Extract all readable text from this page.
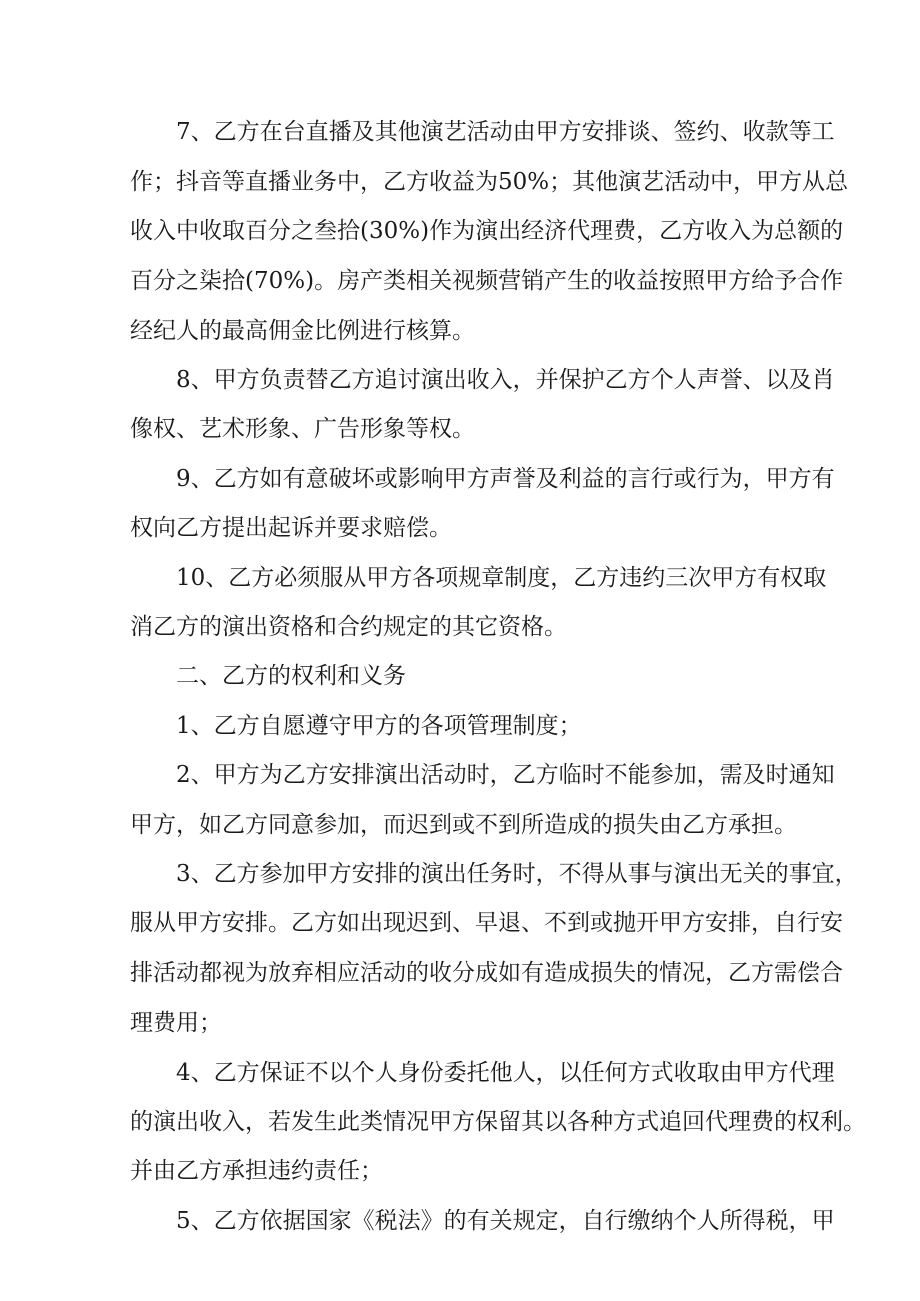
7、乙方在台直播及其他演艺活动由甲方安排谈、签约、收款等工
作；抖音等直播业务中，乙方收益为50%；其他演艺活动中，甲方从总
收入中收取百分之叁拾(30%)作为演出经济代理费，乙方收入为总额的
百分之柒拾(70%)。房产类相关视频营销产生的收益按照甲方给予合作
经纪人的最高佣金比例进行核算。
8、甲方负责替乙方追讨演出收入，并保护乙方个人声誉、以及肖
像权、艺术形象、广告形象等权。
9、乙方如有意破坏或影响甲方声誉及利益的言行或行为，甲方有
权向乙方提出起诉并要求赔偿。
10、乙方必须服从甲方各项规章制度，乙方违约三次甲方有权取
消乙方的演出资格和合约规定的其它资格。
二、乙方的权利和义务
1、乙方自愿遵守甲方的各项管理制度；
2、甲方为乙方安排演出活动时，乙方临时不能参加，需及时通知
甲方，如乙方同意参加，而迟到或不到所造成的损失由乙方承担。
3、乙方参加甲方安排的演出任务时，不得从事与演出无关的事宜，
服从甲方安排。乙方如出现迟到、早退、不到或抛开甲方安排，自行安
排活动都视为放弃相应活动的收分成如有造成损失的情况，乙方需偿合
理费用；
4、乙方保证不以个人身份委托他人，以任何方式收取由甲方代理
的演出收入，若发生此类情况甲方保留其以各种方式追回代理费的权利。
并由乙方承担违约责任；
5、乙方依据国家《税法》的有关规定，自行缴纳个人所得税，甲
